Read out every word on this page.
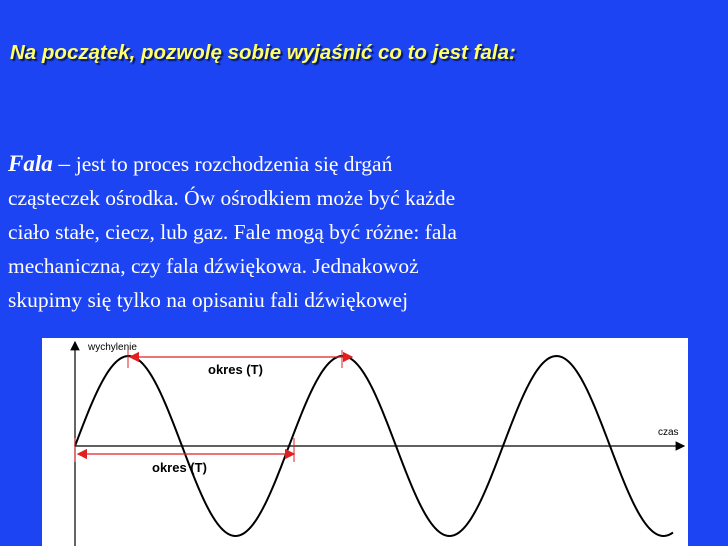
Na początek, pozwolę sobie wyjaśnić co to jest fala:
Fala – jest to proces rozchodzenia się drgań
cząsteczek ośrodka. Ów ośrodkiem może być każde
ciało stałe, ciecz, lub gaz. Fale mogą być różne: fala
mechaniczna, czy fala dźwiękowa. Jednakowoż
skupimy się tylko na opisaniu fali dźwiękowej
wychylenie
czas
okres (T)
okres (T)
